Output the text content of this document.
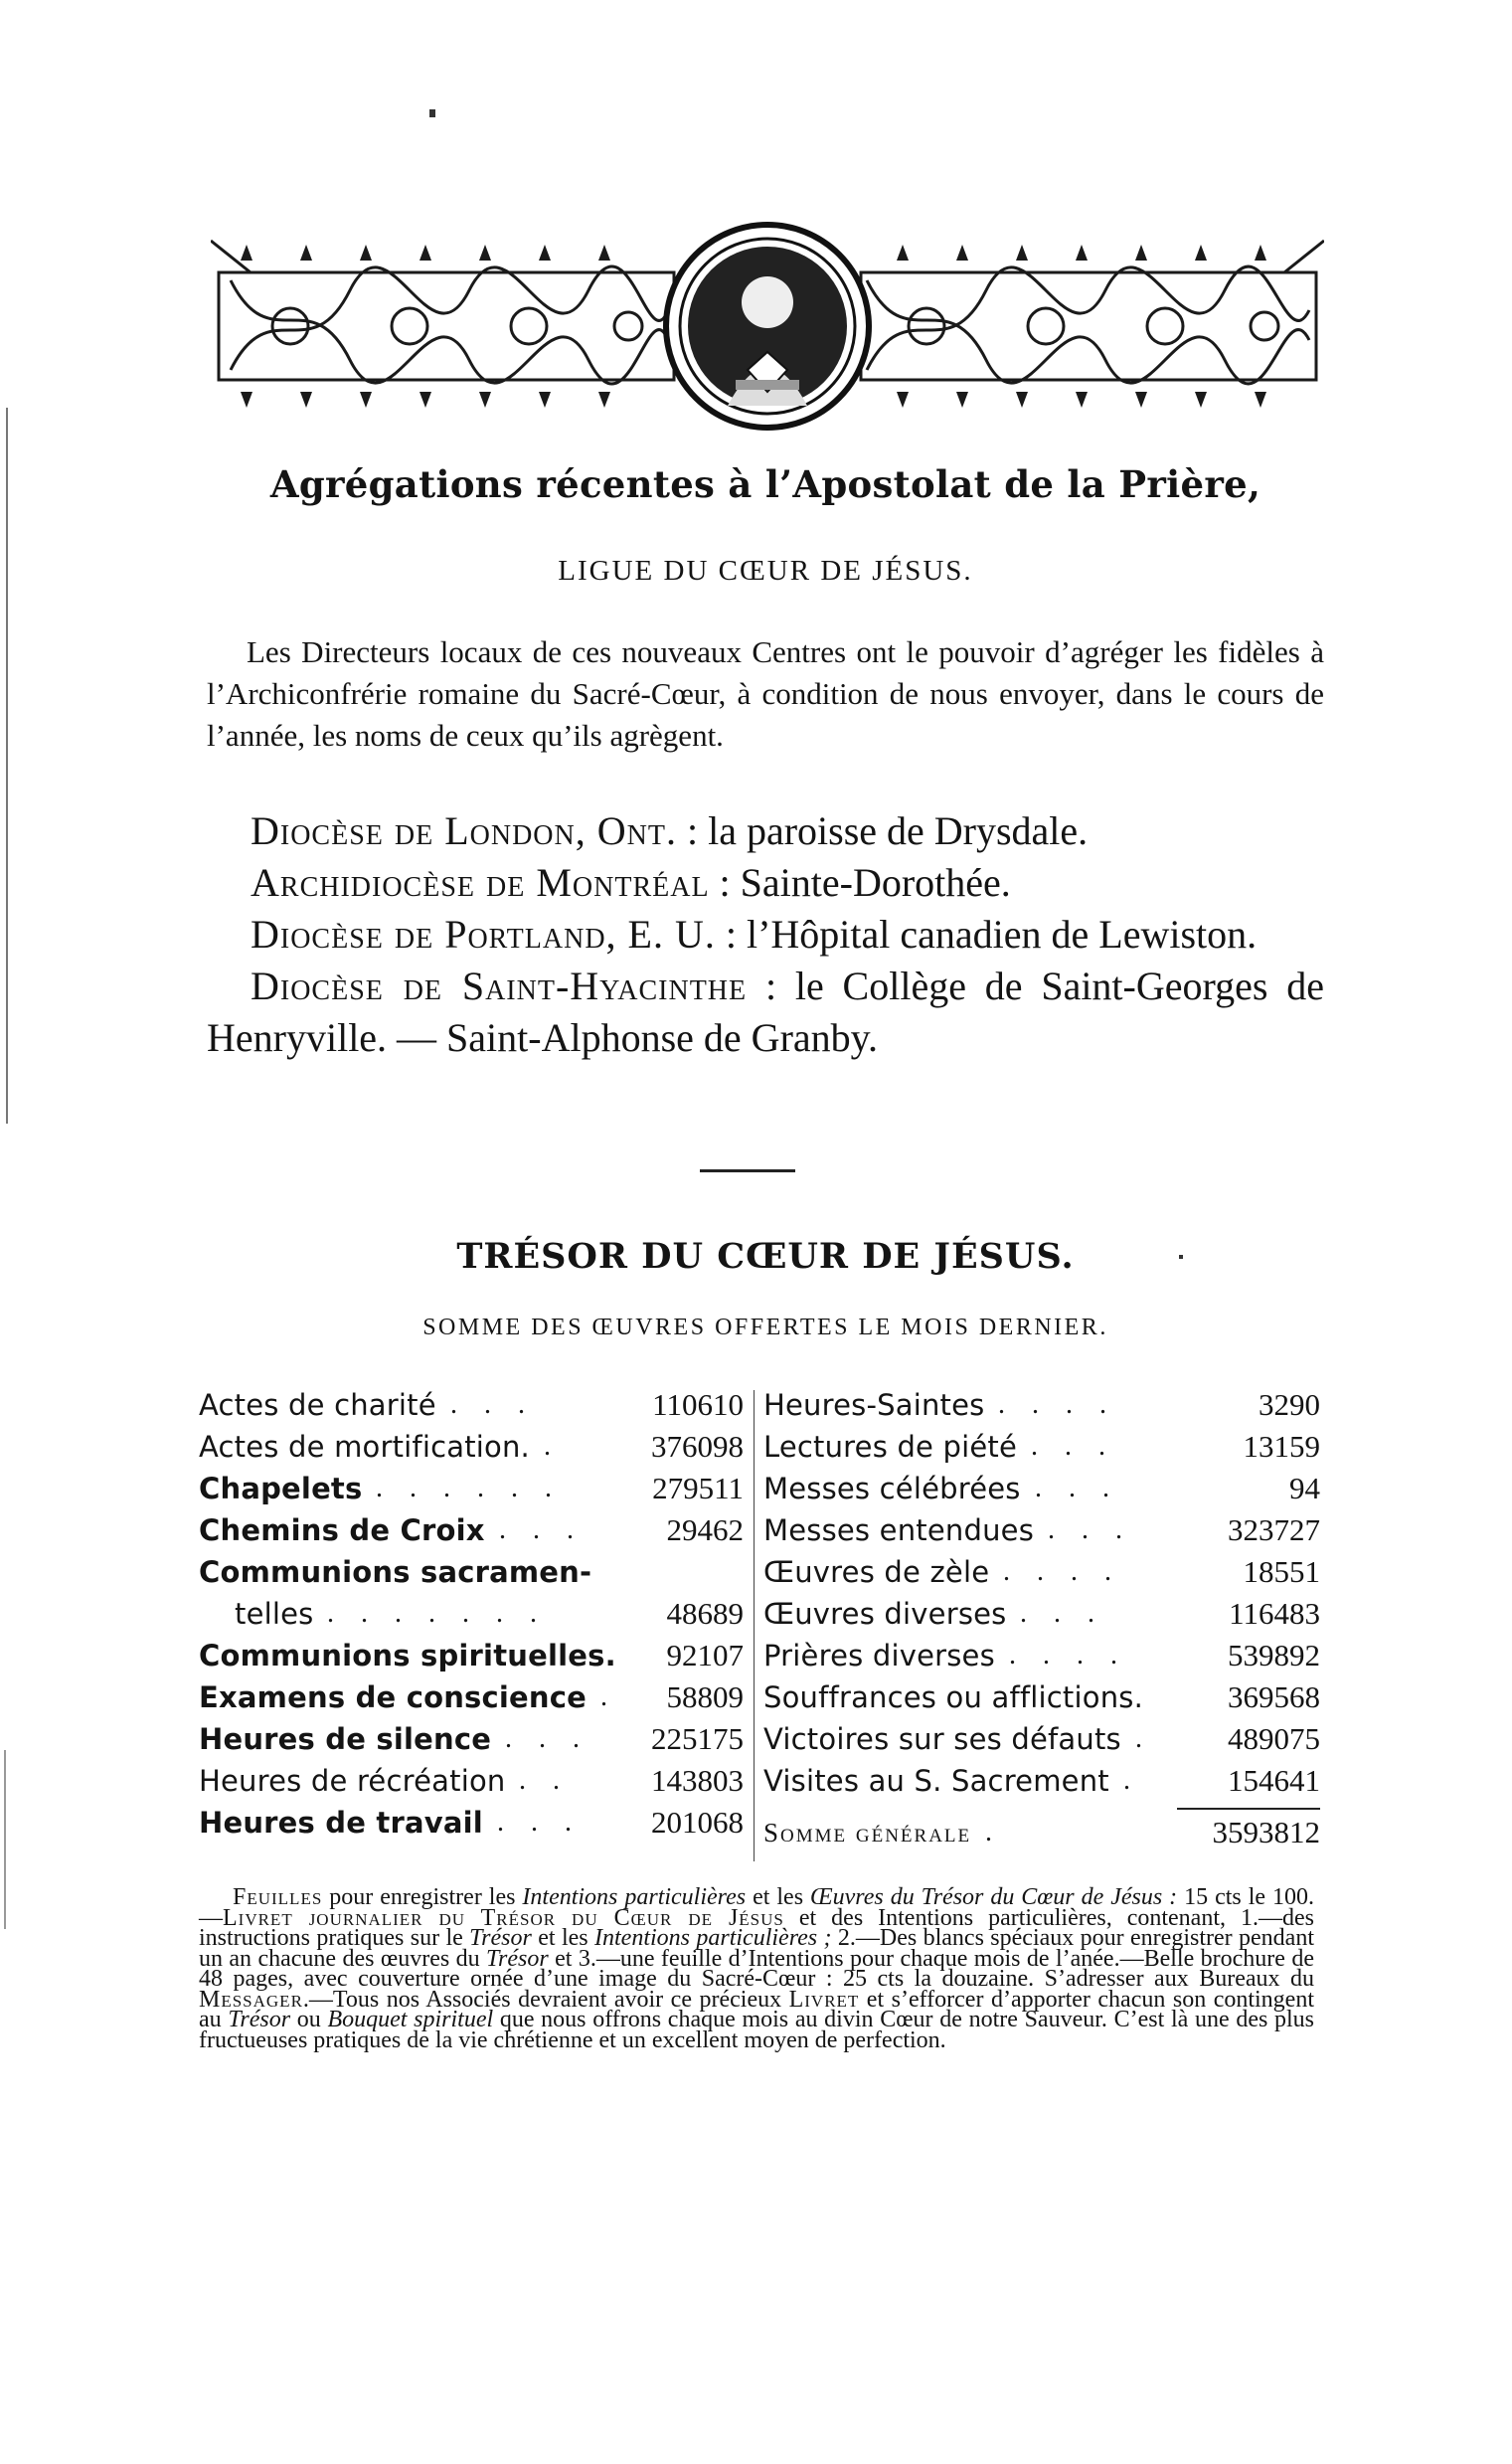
Agrégations récentes à l’Apostolat de la Prière,
LIGUE DU CŒUR DE JÉSUS.

Les Directeurs locaux de ces nouveaux Centres ont le pouvoir d’agréger les fidèles à l’Archiconfrérie romaine du Sacré-Cœur, à condition de nous envoyer, dans le cours de l’année, les noms de ceux qu’ils agrègent.

Diocèse de London, Ont. : la paroisse de Drysdale.

Archidiocèse de Montréal : Sainte-Dorothée.

Diocèse de Portland, E. U. : l’Hôpital canadien de Lewiston.

Diocèse de Saint-Hyacinthe : le Collège de Saint-Georges de Henryville. — Saint-Alphonse de Granby.

TRÉSOR DU CŒUR DE JÉSUS.
SOMME DES ŒUVRES OFFERTES LE MOIS DERNIER.
Actes de charité . . .	110610
Actes de mortification. .	376098
Chapelets . . . . . .	279511
Chemins de Croix . . .	29462
Communions sacramen-
telles . . . . . . .	48689
Communions spirituelles. 92107
Examens de conscience . 58809
Heures de silence . . . 225175
Heures de récréation . .	143803
Heures de travail . . . 201068
Heures-Saintes . . . .	3290
Lectures de piété . . .	13159
Messes célébrées . . .	94
Messes entendues . . .	323727
Œuvres de zèle . . . .	18551
Œuvres diverses . . .	116483
Prières diverses . . . .	539892
Souffrances ou afflictions.	369568
Victoires sur ses défauts . 489075
Visites au S. Sacrement .	154641
Somme générale .	3593812

Feuilles pour enregistrer les Intentions particulières et les Œuvres du Trésor du Cœur de Jésus : 15 cts le 100.—Livret journalier du Trésor du Cœur de Jésus et des Intentions particulières, contenant, 1.—des instructions pratiques sur le Trésor et les Intentions particulières ; 2.—Des blancs spéciaux pour enregistrer pendant un an chacune des œuvres du Trésor et 3.—une feuille d’Intentions pour chaque mois de l’anée.—Belle brochure de 48 pages, avec couverture ornée d’une image du Sacré-Cœur : 25 cts la douzaine. S’adresser aux Bureaux du Messager.—Tous nos Associés devraient avoir ce précieux Livret et s’efforcer d’apporter chacun son contingent au Trésor ou Bouquet spirituel que nous offrons chaque mois au divin Cœur de notre Sauveur. C’est là une des plus fructueuses pratiques de la vie chrétienne et un excellent moyen de perfection.
